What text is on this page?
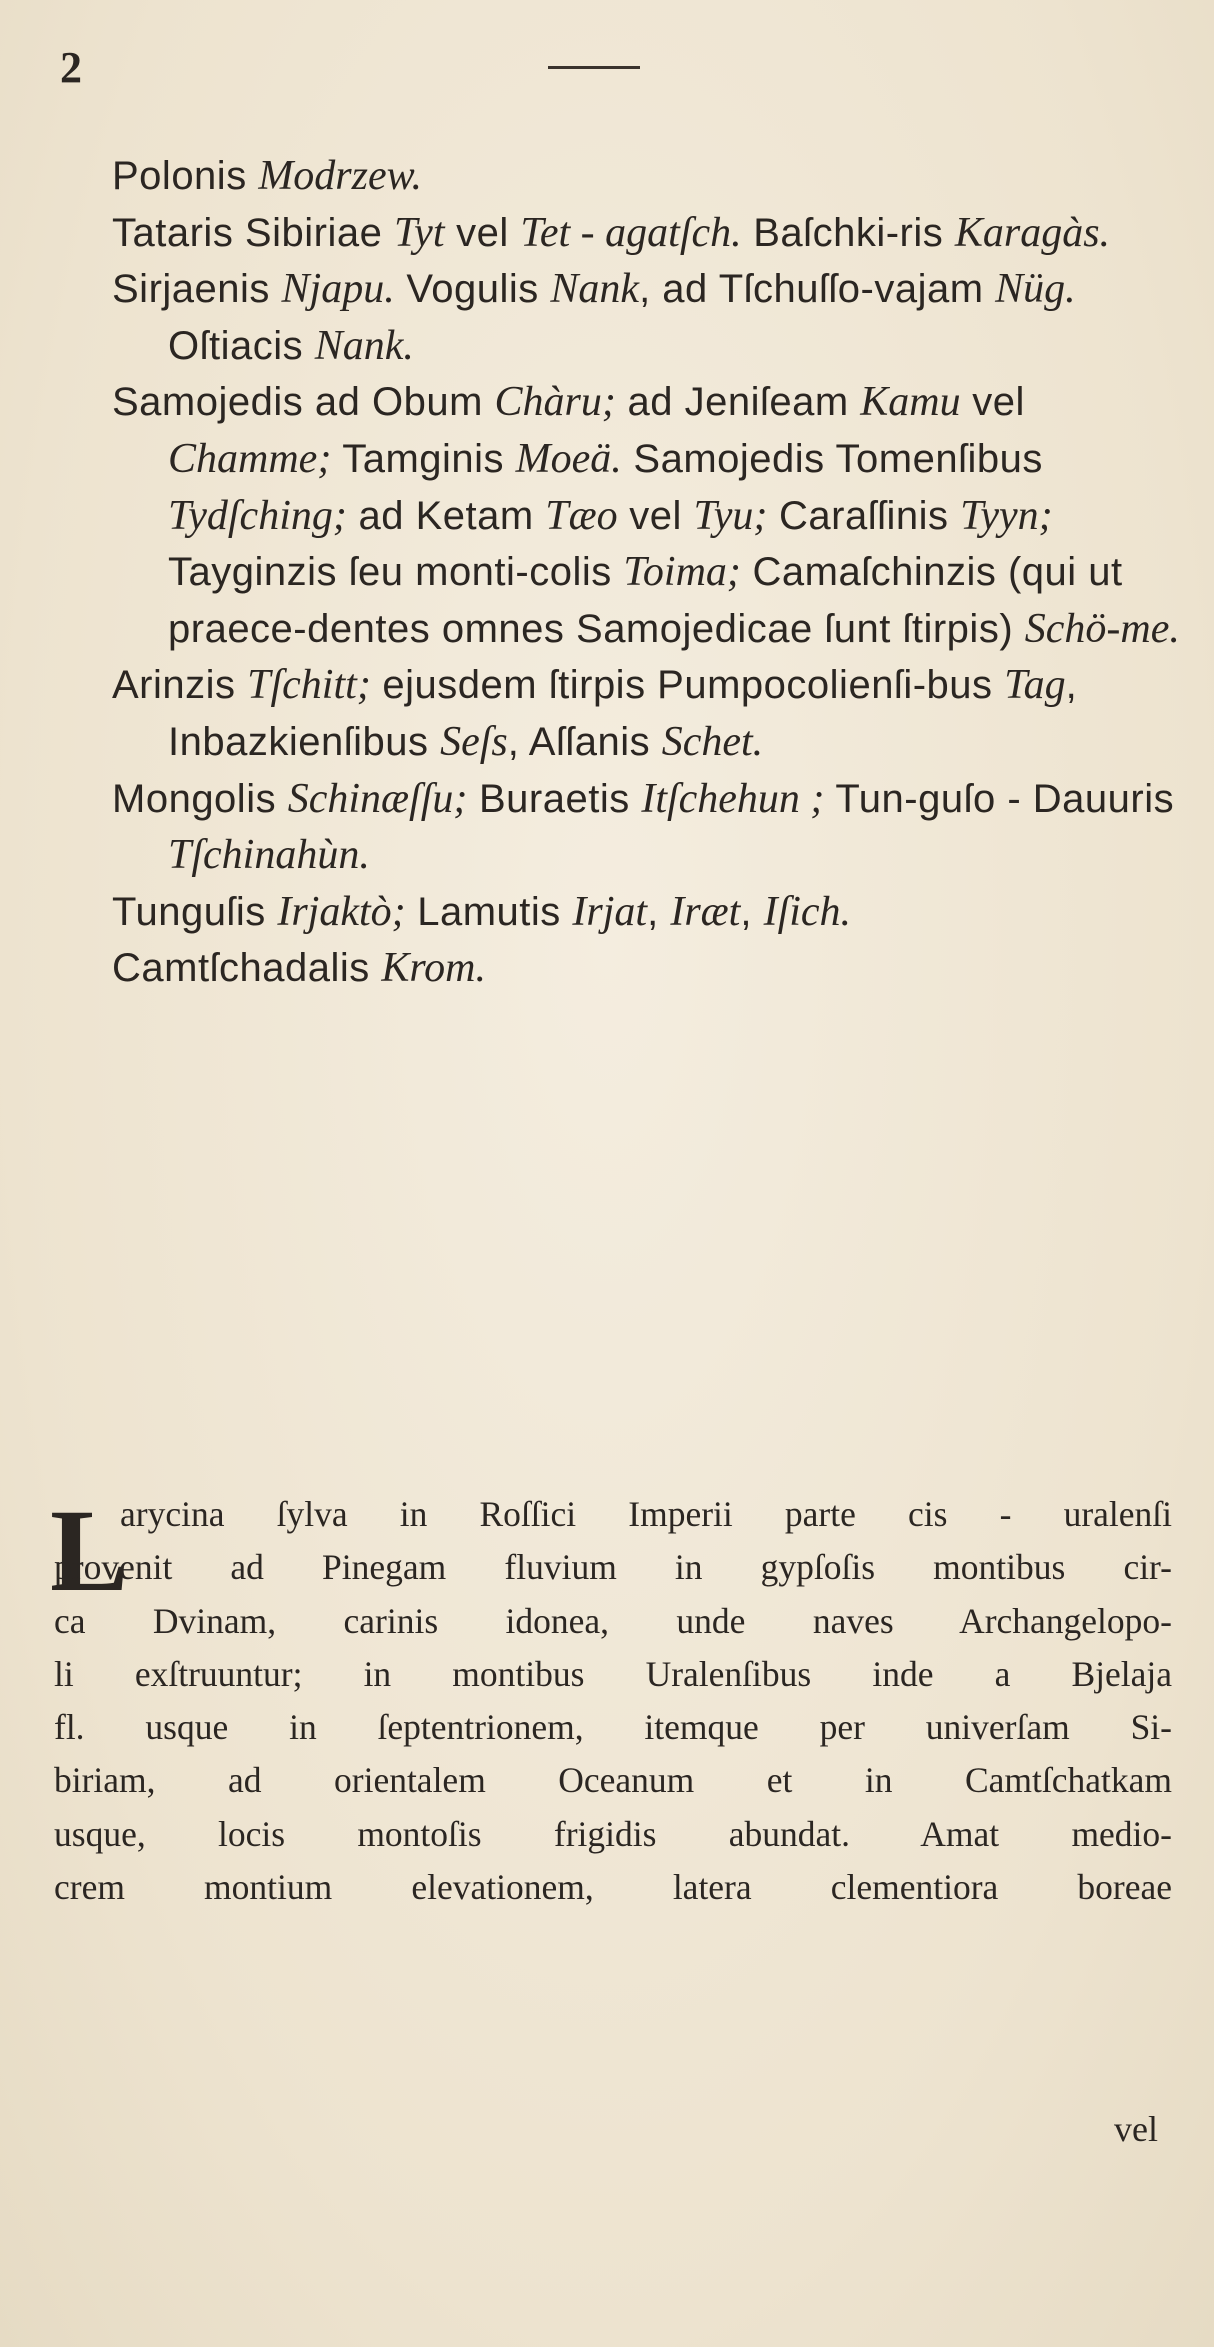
2

Polonis Modrzew.

Tataris Sibiriae Tyt vel Tet - agatſch. Baſchki-ris Karagàs.

Sirjaenis Njapu. Vogulis Nank, ad Tſchuſſo-vajam Nüg. Oſtiacis Nank.

Samojedis ad Obum Chàru; ad Jeniſeam Kamu vel Chamme; Tamginis Moeä. Samojedis Tomenſibus Tydſching; ad Ketam Tæo vel Tyu; Caraſſinis Tyyn; Tayginzis ſeu monti-colis Toima; Camaſchinzis (qui ut praece-dentes omnes Samojedicae ſunt ſtirpis) Schö-me.

Arinzis Tſchitt; ejusdem ſtirpis Pumpocolienſi-bus Tag, Inbazkienſibus Seſs, Aſſanis Schet.

Mongolis Schinæſſu; Buraetis Itſchehun ; Tun-guſo - Dauuris Tſchinahùn.

Tunguſis Irjaktò; Lamutis Irjat, Iræt, Iſich.

Camtſchadalis Krom.

L
arycina ſylva in Roſſici Imperii parte cis - uralenſi
provenit ad Pinegam fluvium in gypſoſis montibus cir-
ca Dvinam, carinis idonea, unde naves Archangelopo-
li exſtruuntur; in montibus Uralenſibus inde a Bjelaja
fl. usque in ſeptentrionem, itemque per univerſam Si-
biriam, ad orientalem Oceanum et in Camtſchatkam
usque, locis montoſis frigidis abundat. Amat medio-
crem montium elevationem, latera clementiora boreae
vel
